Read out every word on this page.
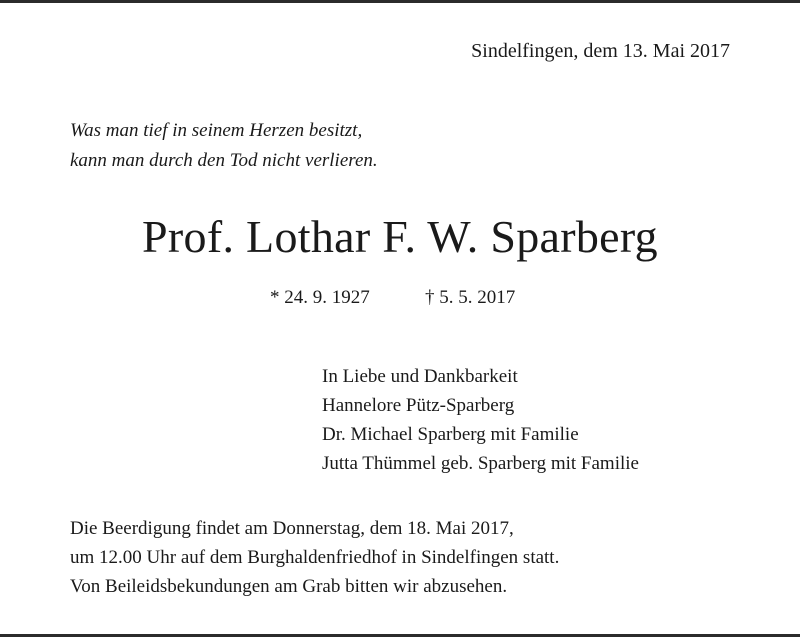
Sindelfingen, dem 13. Mai 2017
Was man tief in seinem Herzen besitzt,
kann man durch den Tod nicht verlieren.
Prof. Lothar F. W. Sparberg
* 24. 9. 1927	† 5. 5. 2017
In Liebe und Dankbarkeit
Hannelore Pütz-Sparberg
Dr. Michael Sparberg mit Familie
Jutta Thümmel geb. Sparberg mit Familie
Die Beerdigung findet am Donnerstag, dem 18. Mai 2017,
um 12.00 Uhr auf dem Burghaldenfriedhof in Sindelfingen statt.
Von Beileidsbekundungen am Grab bitten wir abzusehen.
